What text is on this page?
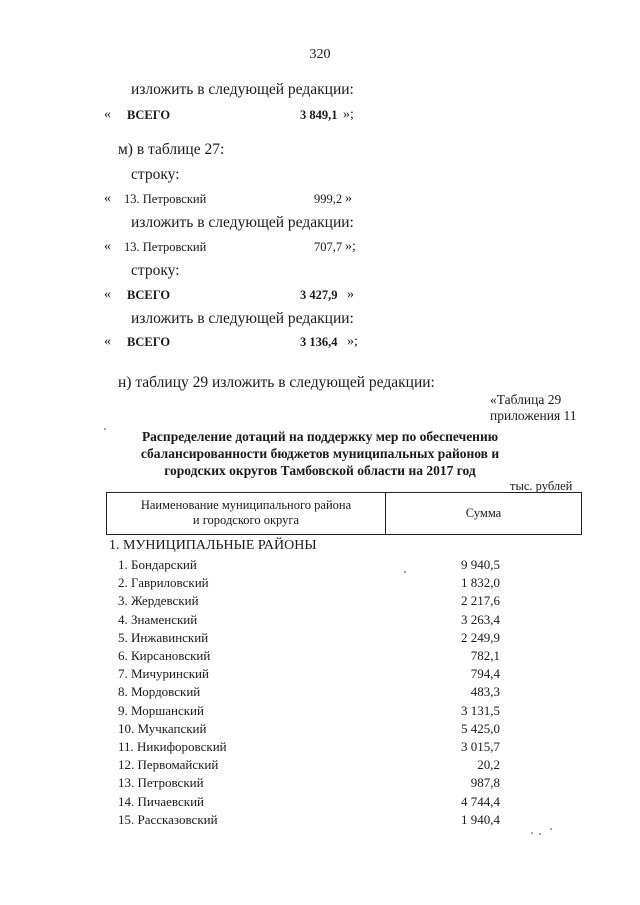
320
изложить в следующей редакции:
« ВСЕГО	3 849,1 »;
м) в таблице 27:
строку:
« 13. Петровский	999,2 »
изложить в следующей редакции:
« 13. Петровский	707,7 »;
строку:
« ВСЕГО	3 427,9 »
изложить в следующей редакции:
« ВСЕГО	3 136,4 »;
н) таблицу 29 изложить в следующей редакции:
«Таблица 29
приложения 11
Распределение дотаций на поддержку мер по обеспечению сбалансированности бюджетов муниципальных районов и городских округов Тамбовской области на 2017 год
тыс. рублей
Наименование муниципального района
и городского округа	Сумма
1. МУНИЦИПАЛЬНЫЕ РАЙОНЫ
1. Бондарский	9 940,5
2. Гавриловский	1 832,0
3. Жердевский	2 217,6
4. Знаменский	3 263,4
5. Инжавинский	2 249,9
6. Кирсановский	782,1
7. Мичуринский	794,4
8. Мордовский	483,3
9. Моршанский	3 131,5
10. Мучкапский	5 425,0
11. Никифоровский	3 015,7
12. Первомайский	20,2
13. Петровский	987,8
14. Пичаевский	4 744,4
15. Рассказовский	1 940,4
